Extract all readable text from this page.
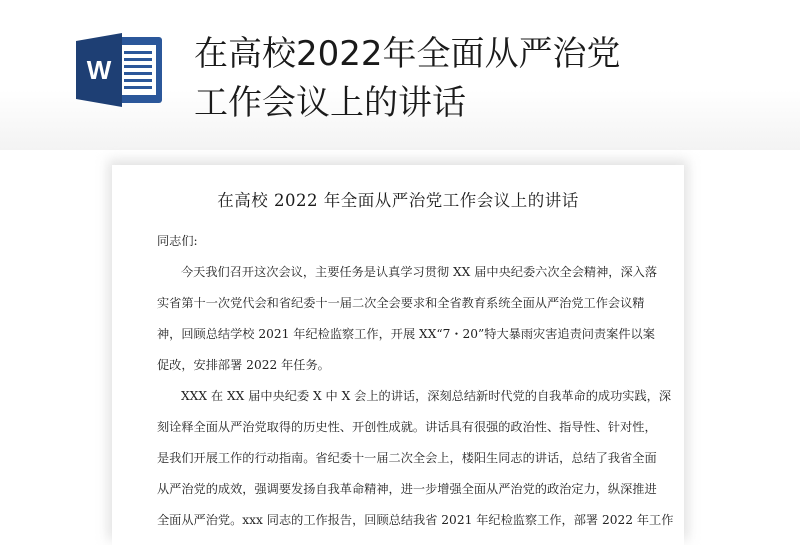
W 在高校2022年全面从严治党
工作会议上的讲话
在高校 2022 年全面从严治党工作会议上的讲话
同志们:
今天我们召开这次会议，主要任务是认真学习贯彻 XX 届中央纪委六次全会精神，深入落
实省第十一次党代会和省纪委十一届二次全会要求和全省教育系统全面从严治党工作会议精
神，回顾总结学校 2021 年纪检监察工作，开展 XX“7・20”特大暴雨灾害追责问责案件以案
促改，安排部署 2022 年任务。
XXX 在 XX 届中央纪委 X 中 X 会上的讲话，深刻总结新时代党的自我革命的成功实践，深
刻诠释全面从严治党取得的历史性、开创性成就。讲话具有很强的政治性、指导性、针对性，
是我们开展工作的行动指南。省纪委十一届二次全会上，楼阳生同志的讲话，总结了我省全面
从严治党的成效，强调要发扬自我革命精神，进一步增强全面从严治党的政治定力，纵深推进
全面从严治党。xxx 同志的工作报告，回顾总结我省 2021 年纪检监察工作，部署 2022 年工作
